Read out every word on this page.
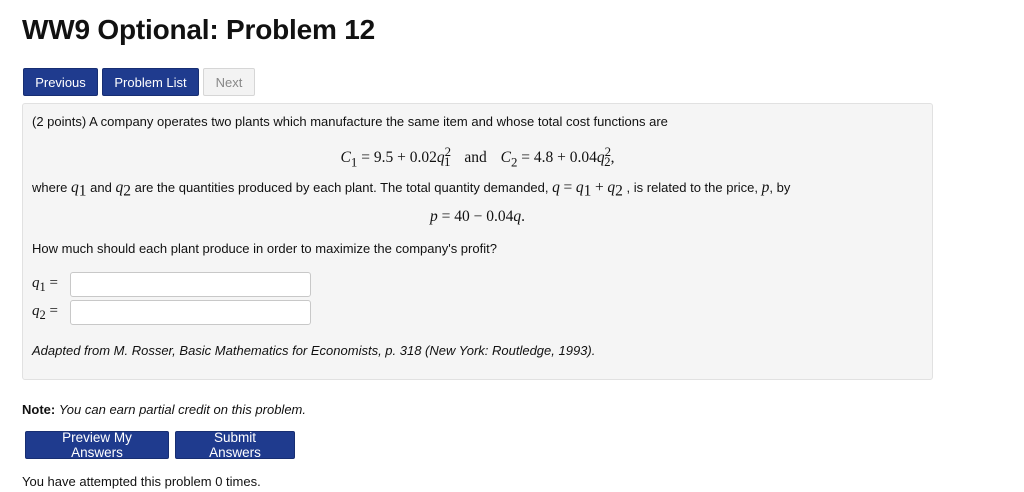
WW9 Optional: Problem 12
Previous	Problem List	Next
(2 points) A company operates two plants which manufacture the same item and whose total cost functions are
$C_1 = 9.5 + 0.02q^2_1$ and $C_2 = 4.8 + 0.04q^2_2$,
where $q_1$ and $q_2$ are the quantities produced by each plant. The total quantity demanded, $q = q_1 + q_2$ , is related to the price, p, by
p = 40 − 0.04q.
How much should each plant produce in order to maximize the company's profit?
$q_1$ =
$q_2$ =
Adapted from M. Rosser, Basic Mathematics for Economists, p. 318 (New York: Routledge, 1993).
Note: You can earn partial credit on this problem.
Preview My Answers
Submit Answers
You have attempted this problem 0 times.
